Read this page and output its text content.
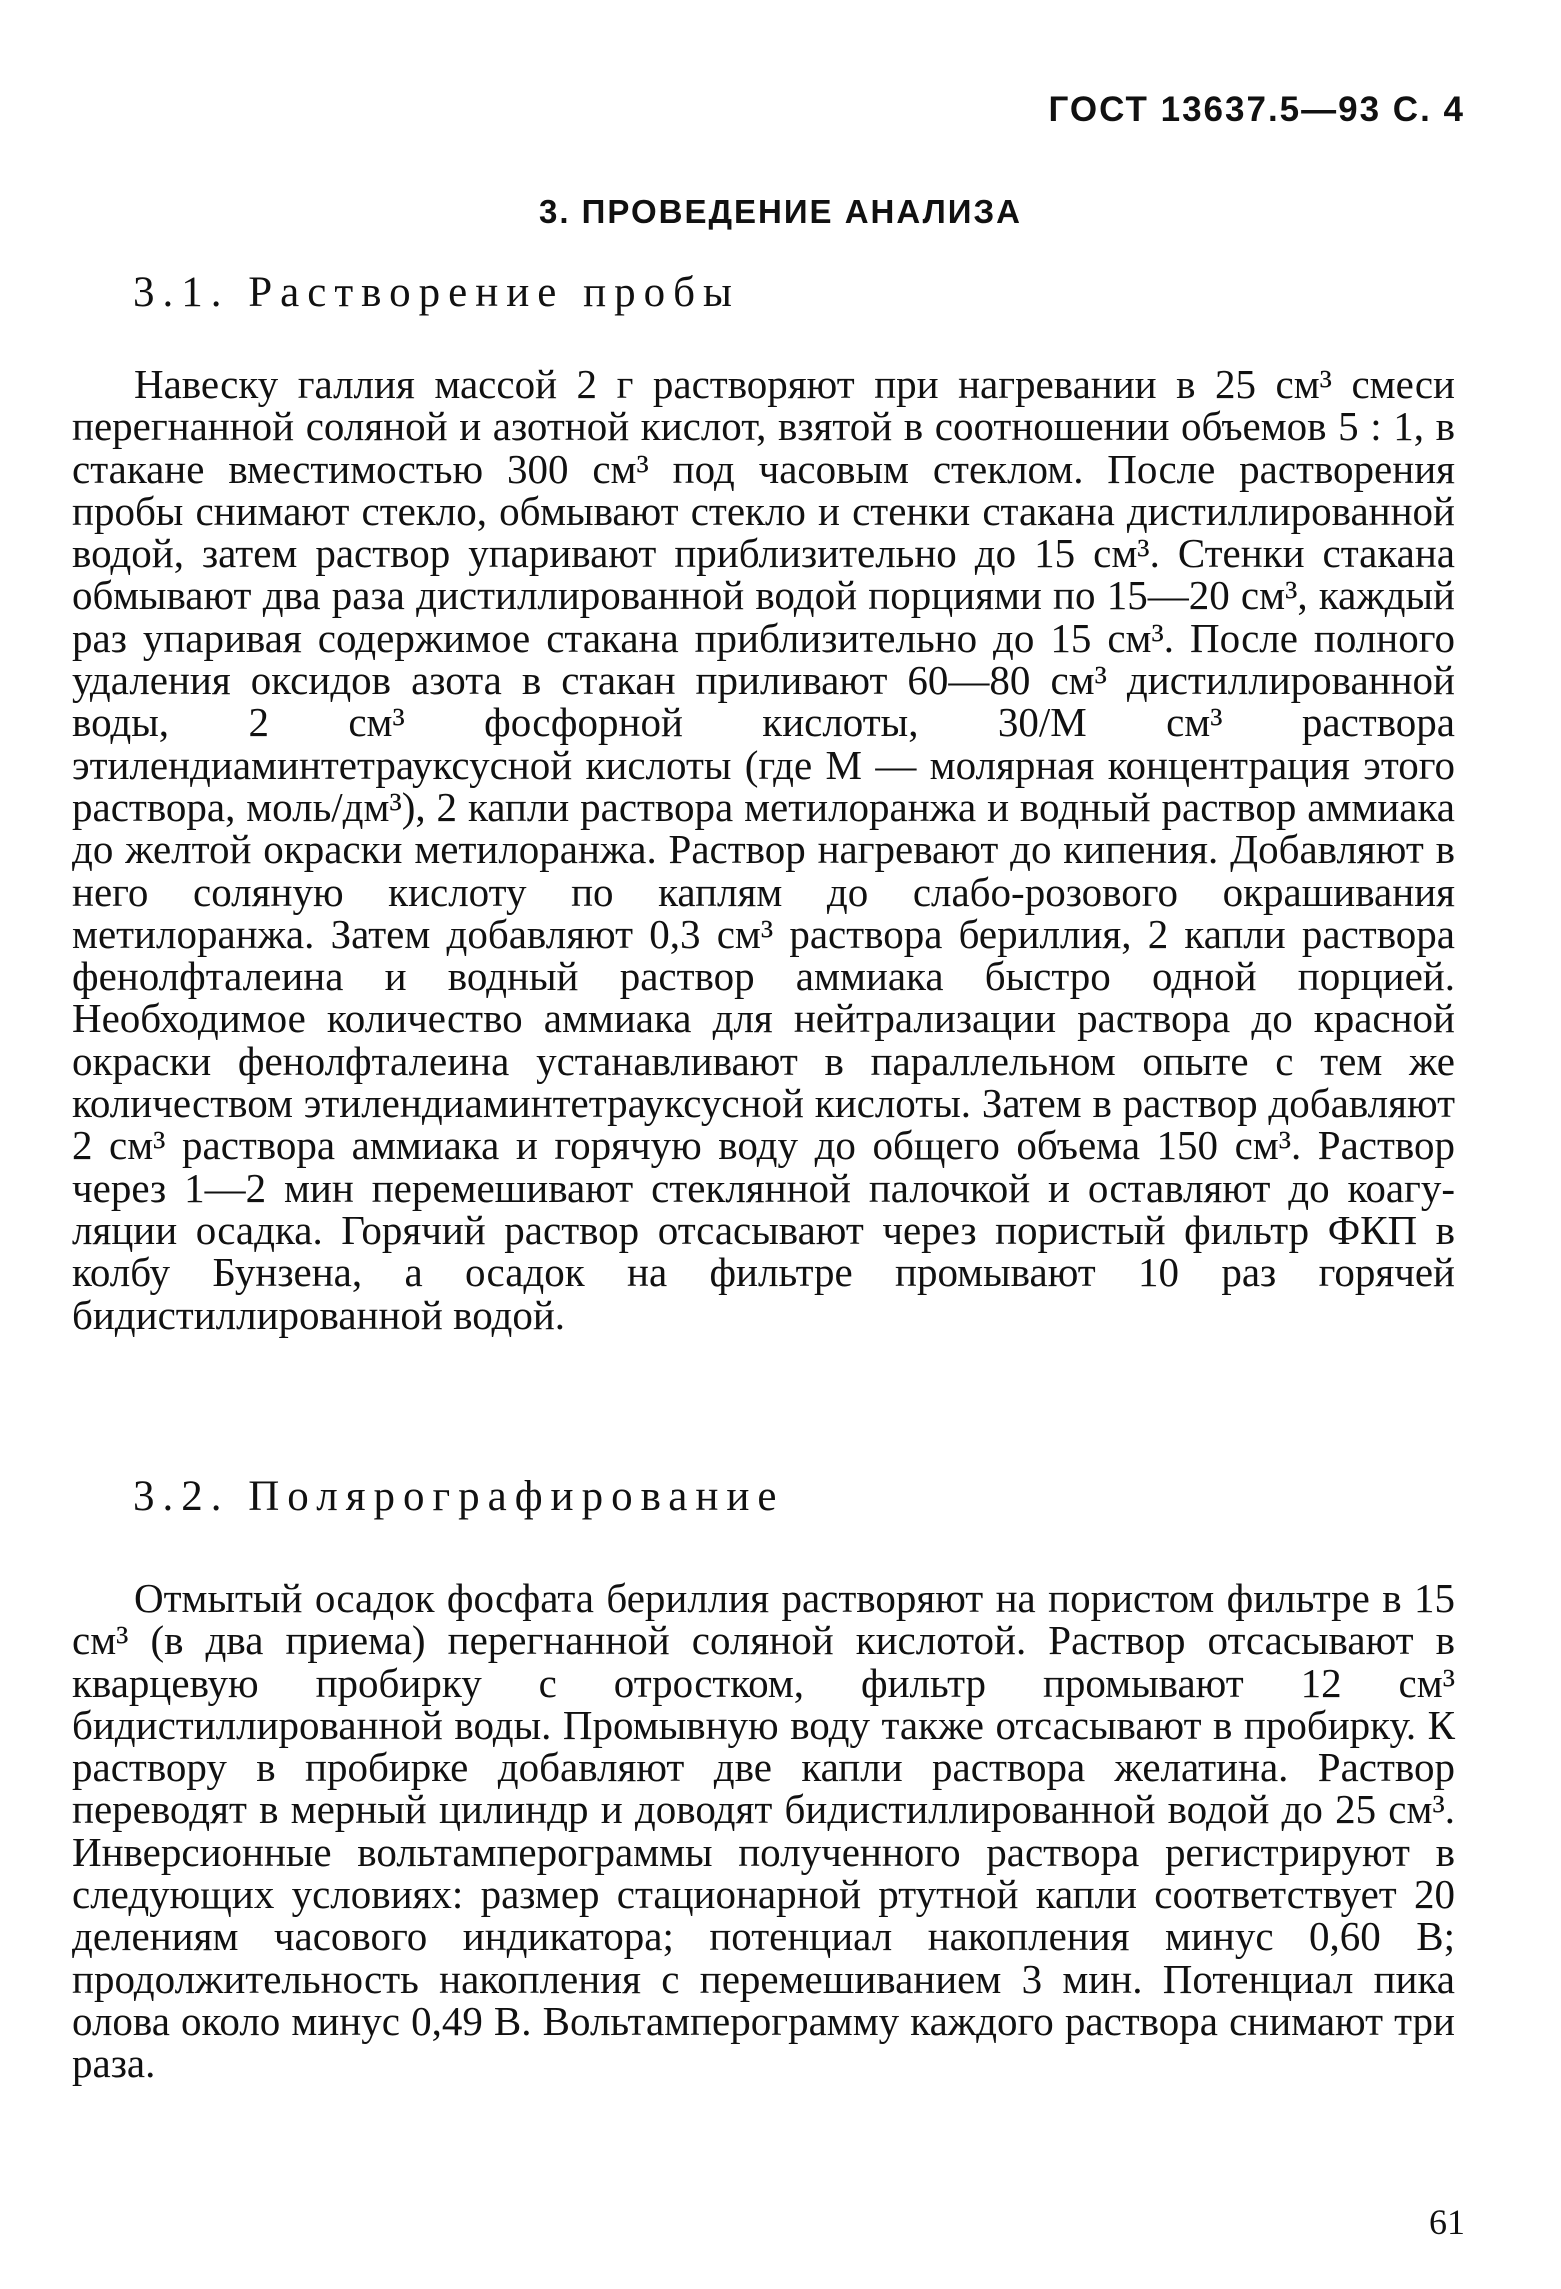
ГОСТ 13637.5—93 С. 4
3. ПРОВЕДЕНИЕ АНАЛИЗА
3.1. Растворение пробы

Навеску галлия массой 2 г растворяют при нагревании в 25 см³ смеси перегнанной соляной и азотной кислот, взятой в соотношении объемов 5 : 1, в стакане вместимостью 300 см³ под часовым стеклом. После растворения пробы снимают стекло, обмывают стекло и стенки стакана дистиллированной водой, затем раствор упаривают приблизительно до 15 см³. Стенки стакана обмывают два раза дистиллированной водой порциями по 15—20 см³, каждый раз упаривая содержимое стакана приблизительно до 15 см³. После полного удаления оксидов азота в стакан приливают 60—80 см³ дистиллированной воды, 2 см³ фосфорной кислоты, 30/M см³ раствора этилендиаминтетрауксусной кислоты (где M — молярная концентрация этого раствора, моль/дм³), 2 капли раствора метилоранжа и водный раствор аммиака до желтой окраски метилоранжа. Раствор нагревают до кипения. Добавляют в него соляную кислоту по каплям до слабо-розового окрашивания метилоранжа. Затем добавляют 0,3 см³ раствора бериллия, 2 капли раствора фенолфталеина и водный раствор аммиака быстро одной порцией. Необходимое количество аммиака для нейтрализации раствора до красной окраски фенолфталеина устанавливают в параллельном опыте с тем же количеством этилендиаминтетрауксусной кислоты. Затем в раствор добавляют 2 см³ раствора аммиака и горячую воду до общего объема 150 см³. Раствор через 1—2 мин перемешивают стеклянной палочкой и оставляют до коагуляции осадка. Горячий раствор отсасывают через пористый фильтр ФКП в колбу Бунзена, а осадок на фильтре промывают 10 раз горячей бидистиллированной водой.

3.2. Полярографирование

Отмытый осадок фосфата бериллия растворяют на пористом фильтре в 15 см³ (в два приема) перегнанной соляной кислотой. Раствор отсасывают в кварцевую пробирку с отростком, фильтр промывают 12 см³ бидистиллированной воды. Промывную воду также отсасывают в пробирку. К раствору в пробирке добавляют две капли раствора желатина. Раствор переводят в мерный цилиндр и доводят бидистиллированной водой до 25 см³. Инверсионные вольтамперограммы полученного раствора регистрируют в следующих условиях: размер стационарной ртутной капли соответствует 20 делениям часового индикатора; потенциал накопления минус 0,60 В; продолжительность накопления с перемешиванием 3 мин. Потенциал пика олова около минус 0,49 В. Вольтамперограмму каждого раствора снимают три раза.

61
